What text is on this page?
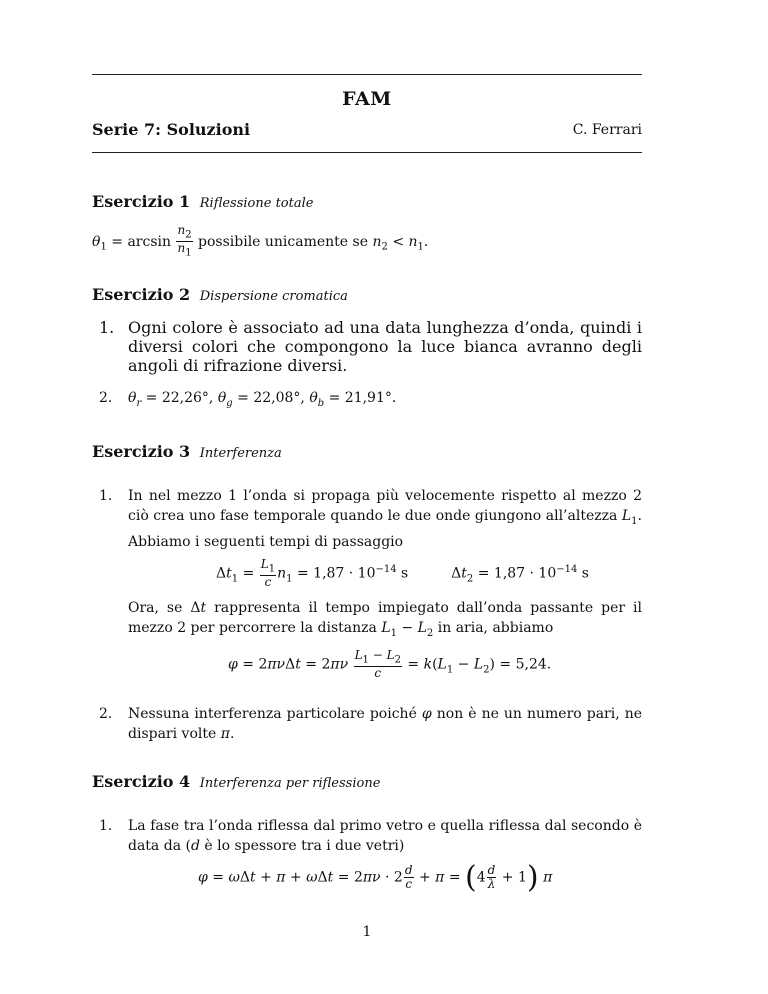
FAM
Serie 7: Soluzioni	C. Ferrari
Esercizio 1 Riflessione totale
$\theta_1 = \arcsin \frac{n_2}{n_1}$ possibile unicamente se $n_2 < n_1$.
Esercizio 2 Dispersione cromatica
1. Ogni colore è associato ad una data lunghezza d’onda, quindi i diversi colori che compongono la luce bianca avranno degli angoli di rifrazione diversi.
2. $\theta_r = 22,26^\circ$, $\theta_g = 22,08^\circ$, $\theta_b = 21,91^\circ$.
Esercizio 3 Interferenza
1. In nel mezzo 1 l’onda si propaga più velocemente rispetto al mezzo 2 ciò crea uno fase temporale quando le due onde giungono all’altezza $L_1$. Abbiamo i seguenti tempi di passaggio
$\Delta t_1 = \frac{L_1}{c} n_1 = 1,87 \cdot 10^{-14}$ s  $\Delta t_2 = 1,87 \cdot 10^{-14}$ s
Ora, se Δt rappresenta il tempo impiegato dall’onda passante per il mezzo 2 per percorrere la distanza $L_1 - L_2$ in aria, abbiamo
$\varphi = 2\pi\nu\Delta t = 2\pi\nu \frac{L_1 - L_2}{c} = k(L_1 - L_2) = 5,24$.
2. Nessuna interferenza particolare poiché φ non è ne un numero pari, ne dispari volte π.
Esercizio 4 Interferenza per riflessione
1. La fase tra l’onda riflessa dal primo vetro e quella riflessa dal secondo è data da (d è lo spessore tra i due vetri)
$\varphi = \omega\Delta t + \pi + \omega\Delta t = 2\pi\nu \cdot 2 \frac{d}{c} + \pi = (4 \frac{d}{\lambda} + 1)$ π
1
